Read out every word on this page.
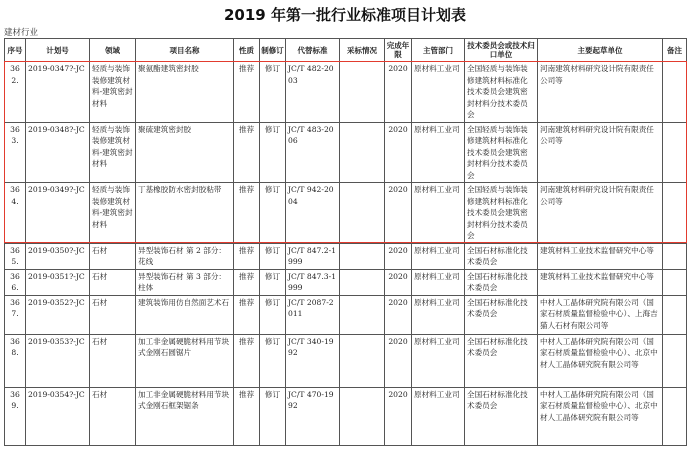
2019 年第一批行业标准项目计划表
建材行业
序号	计划号	领域	项目名称	性质	制修订	代替标准	采标情况	完成年限	主管部门	技术委员会或技术归口单位	主要起草单位	备注
362.	2019-0347?-JC	轻质与装饰装修建筑材料-建筑密封材料	聚氨酯建筑密封胶	推荐	修订	JC/T 482-2003		2020	原材料工业司	全国轻质与装饰装修建筑材料标准化技术委员会建筑密封材料分技术委员会	河南建筑材料研究设计院有限责任公司等	
363.	2019-0348?-JC	轻质与装饰装修建筑材料-建筑密封材料	聚硫建筑密封胶	推荐	修订	JC/T 483-2006		2020	原材料工业司	全国轻质与装饰装修建筑材料标准化技术委员会建筑密封材料分技术委员会	河南建筑材料研究设计院有限责任公司等	
364.	2019-0349?-JC	轻质与装饰装修建筑材料-建筑密封材料	丁基橡胶防水密封胶粘带	推荐	修订	JC/T 942-2004		2020	原材料工业司	全国轻质与装饰装修建筑材料标准化技术委员会建筑密封材料分技术委员会	河南建筑材料研究设计院有限责任公司等	
365.	2019-0350?-JC	石材	异型装饰石材 第 2 部分：花线	推荐	修订	JC/T 847.2-1999		2020	原材料工业司	全国石材标准化技术委员会	建筑材料工业技术监督研究中心等	
366.	2019-0351?-JC	石材	异型装饰石材 第 3 部分：柱体	推荐	修订	JC/T 847.3-1999		2020	原材料工业司	全国石材标准化技术委员会	建筑材料工业技术监督研究中心等	
367.	2019-0352?-JC	石材	建筑装饰用仿自然面艺术石	推荐	修订	JC/T 2087-2011		2020	原材料工业司	全国石材标准化技术委员会	中材人工晶体研究院有限公司（国家石材质量监督检验中心）、上海吉猫人石材有限公司等	
368.	2019-0353?-JC	石材	加工非金属硬脆材料用节块式金刚石圆锯片	推荐	修订	JC/T 340-1992		2020	原材料工业司	全国石材标准化技术委员会	中材人工晶体研究院有限公司（国家石材质量监督检验中心）、北京中材人工晶体研究院有限公司等	
369.	2019-0354?-JC	石材	加工非金属硬脆材料用节块式金刚石框架锯条	推荐	修订	JC/T 470-1992		2020	原材料工业司	全国石材标准化技术委员会	中材人工晶体研究院有限公司（国家石材质量监督检验中心）、北京中材人工晶体研究院有限公司等	
